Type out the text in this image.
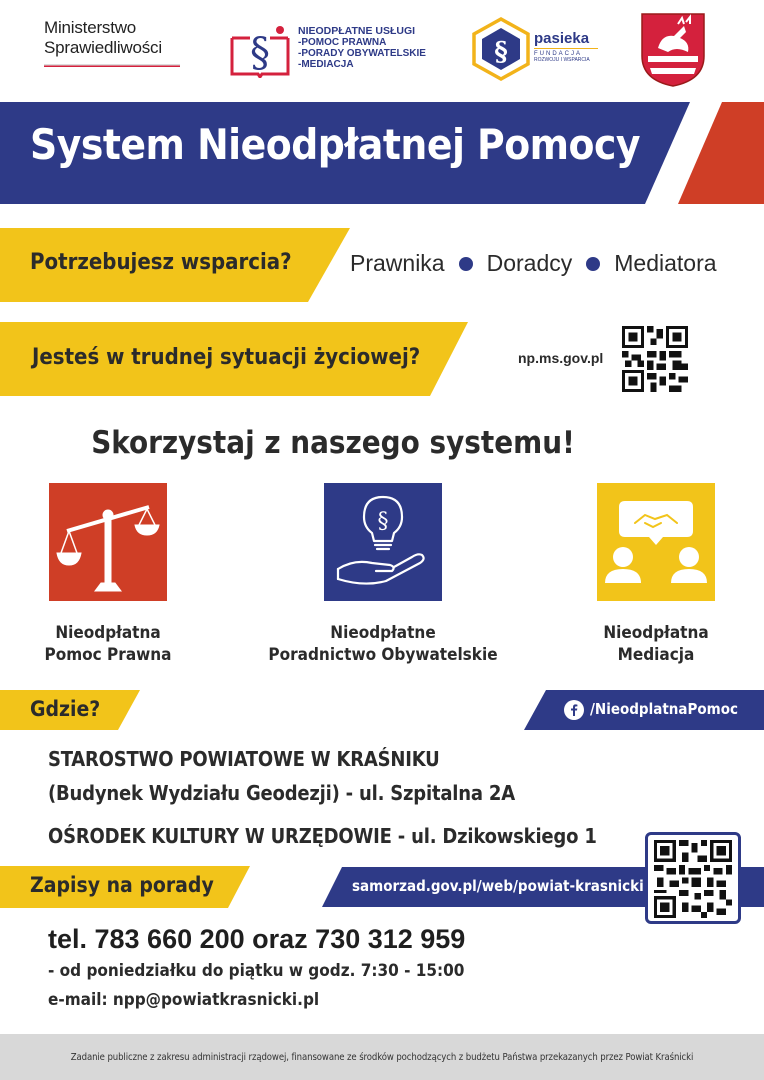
Ministerstwo
Sprawiedliwości	§	NIEODPŁATNE USŁUGI
-POMOC PRAWNA
-PORADY OBYWATELSKIE
-MEDIACJA	§ pasieka
FUNDACJA
ROZWOJU I WSPARCIA
System Nieodpłatnej Pomocy
Potrzebujesz wsparcia?	Prawnika Doradcy Mediatora
Jesteś w trudnej sytuacji życiowej?	np.ms.gov.pl
Skorzystaj z naszego systemu!
§
Nieodpłatna
Pomoc Prawna
Nieodpłatne
Poradnictwo Obywatelskie
Nieodpłatna
Mediacja
Gdzie?	/NieodplatnaPomoc
STAROSTWO POWIATOWE W KRAŚNIKU
(Budynek Wydziału Geodezji) - ul. Szpitalna 2A
OŚRODEK KULTURY W URZĘDOWIE - ul. Dzikowskiego 1
Zapisy na porady	samorzad.gov.pl/web/powiat-krasnicki
tel. 783 660 200 oraz 730 312 959
- od poniedziałku do piątku w godz. 7:30 - 15:00
e-mail: npp@powiatkrasnicki.pl
Zadanie publiczne z zakresu administracji rządowej, finansowane ze środków pochodzących z budżetu Państwa przekazanych przez Powiat Kraśnicki
